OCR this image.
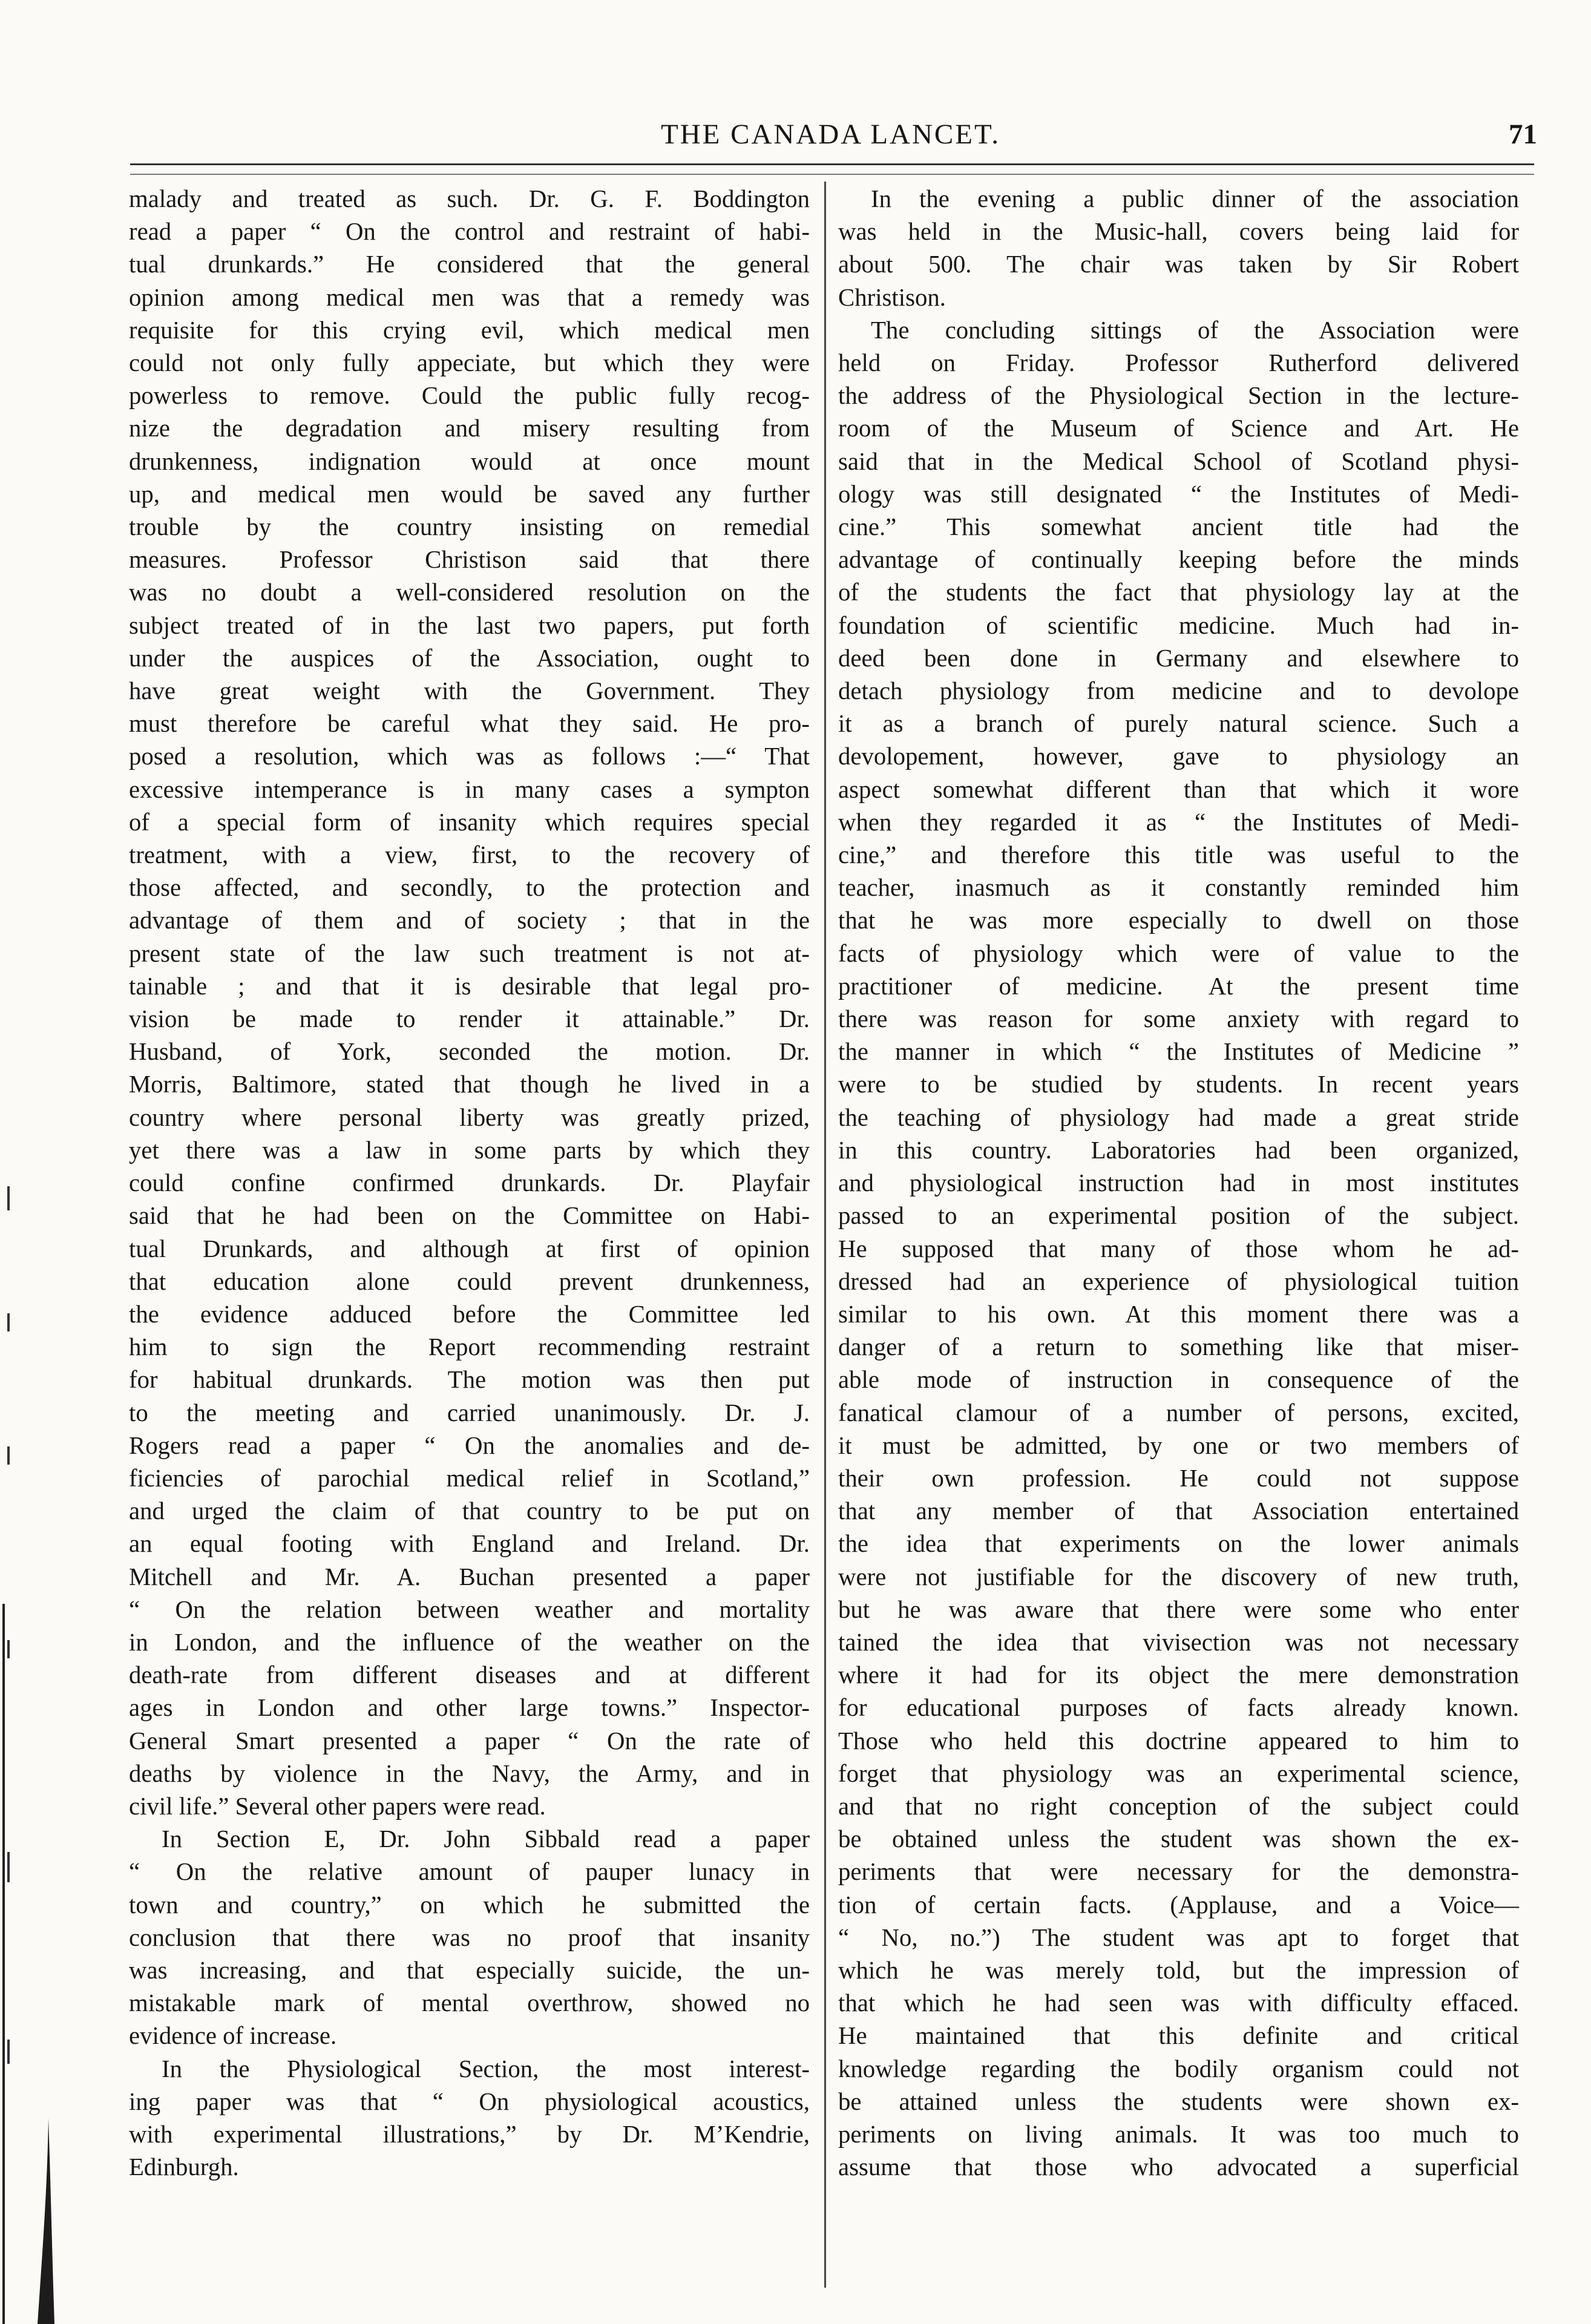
THE CANADA LANCET.	71

malady and treated as such. Dr. G. F. Boddington

read a paper “ On the control and restraint of habi-

tual drunkards.” He considered that the general

opinion among medical men was that a remedy was

requisite for this crying evil, which medical men

could not only fully appeciate, but which they were

powerless to remove. Could the public fully recog-

nize the degradation and misery resulting from

drunkenness, indignation would at once mount

up, and medical men would be saved any further

trouble by the country insisting on remedial

measures. Professor Christison said that there

was no doubt a well-considered resolution on the

subject treated of in the last two papers, put forth

under the auspices of the Association, ought to

have great weight with the Government. They

must therefore be careful what they said. He pro-

posed a resolution, which was as follows :—“ That

excessive intemperance is in many cases a sympton

of a special form of insanity which requires special

treatment, with a view, first, to the recovery of

those affected, and secondly, to the protection and

advantage of them and of society ; that in the

present state of the law such treatment is not at-

tainable ; and that it is desirable that legal pro-

vision be made to render it attainable.” Dr.

Husband, of York, seconded the motion. Dr.

Morris, Baltimore, stated that though he lived in a

country where personal liberty was greatly prized,

yet there was a law in some parts by which they

could confine confirmed drunkards. Dr. Playfair

said that he had been on the Committee on Habi-

tual Drunkards, and although at first of opinion

that education alone could prevent drunkenness,

the evidence adduced before the Committee led

him to sign the Report recommending restraint

for habitual drunkards. The motion was then put

to the meeting and carried unanimously. Dr. J.

Rogers read a paper “ On the anomalies and de-

ficiencies of parochial medical relief in Scotland,”

and urged the claim of that country to be put on

an equal footing with England and Ireland. Dr.

Mitchell and Mr. A. Buchan presented a paper

“ On the relation between weather and mortality

in London, and the influence of the weather on the

death-rate from different diseases and at different

ages in London and other large towns.” Inspector-

General Smart presented a paper “ On the rate of

deaths by violence in the Navy, the Army, and in

civil life.” Several other papers were read.

In Section E, Dr. John Sibbald read a paper

“ On the relative amount of pauper lunacy in

town and country,” on which he submitted the

conclusion that there was no proof that insanity

was increasing, and that especially suicide, the un-

mistakable mark of mental overthrow, showed no

evidence of increase.

In the Physiological Section, the most interest-

ing paper was that “ On physiological acoustics,

with experimental illustrations,” by Dr. M’Kendrie,

Edinburgh.

In the evening a public dinner of the association

was held in the Music-hall, covers being laid for

about 500. The chair was taken by Sir Robert

Christison.

The concluding sittings of the Association were

held on Friday. Professor Rutherford delivered

the address of the Physiological Section in the lecture-

room of the Museum of Science and Art. He

said that in the Medical School of Scotland physi-

ology was still designated “ the Institutes of Medi-

cine.” This somewhat ancient title had the

advantage of continually keeping before the minds

of the students the fact that physiology lay at the

foundation of scientific medicine. Much had in-

deed been done in Germany and elsewhere to

detach physiology from medicine and to devolope

it as a branch of purely natural science. Such a

devolopement, however, gave to physiology an

aspect somewhat different than that which it wore

when they regarded it as “ the Institutes of Medi-

cine,” and therefore this title was useful to the

teacher, inasmuch as it constantly reminded him

that he was more especially to dwell on those

facts of physiology which were of value to the

practitioner of medicine. At the present time

there was reason for some anxiety with regard to

the manner in which “ the Institutes of Medicine ”

were to be studied by students. In recent years

the teaching of physiology had made a great stride

in this country. Laboratories had been organized,

and physiological instruction had in most institutes

passed to an experimental position of the subject.

He supposed that many of those whom he ad-

dressed had an experience of physiological tuition

similar to his own. At this moment there was a

danger of a return to something like that miser-

able mode of instruction in consequence of the

fanatical clamour of a number of persons, excited,

it must be admitted, by one or two members of

their own profession. He could not suppose

that any member of that Association entertained

the idea that experiments on the lower animals

were not justifiable for the discovery of new truth,

but he was aware that there were some who enter

tained the idea that vivisection was not necessary

where it had for its object the mere demonstration

for educational purposes of facts already known.

Those who held this doctrine appeared to him to

forget that physiology was an experimental science,

and that no right conception of the subject could

be obtained unless the student was shown the ex-

periments that were necessary for the demonstra-

tion of certain facts. (Applause, and a Voice—

“ No, no.”) The student was apt to forget that

which he was merely told, but the impression of

that which he had seen was with difficulty effaced.

He maintained that this definite and critical

knowledge regarding the bodily organism could not

be attained unless the students were shown ex-

periments on living animals. It was too much to

assume that those who advocated a superficial
